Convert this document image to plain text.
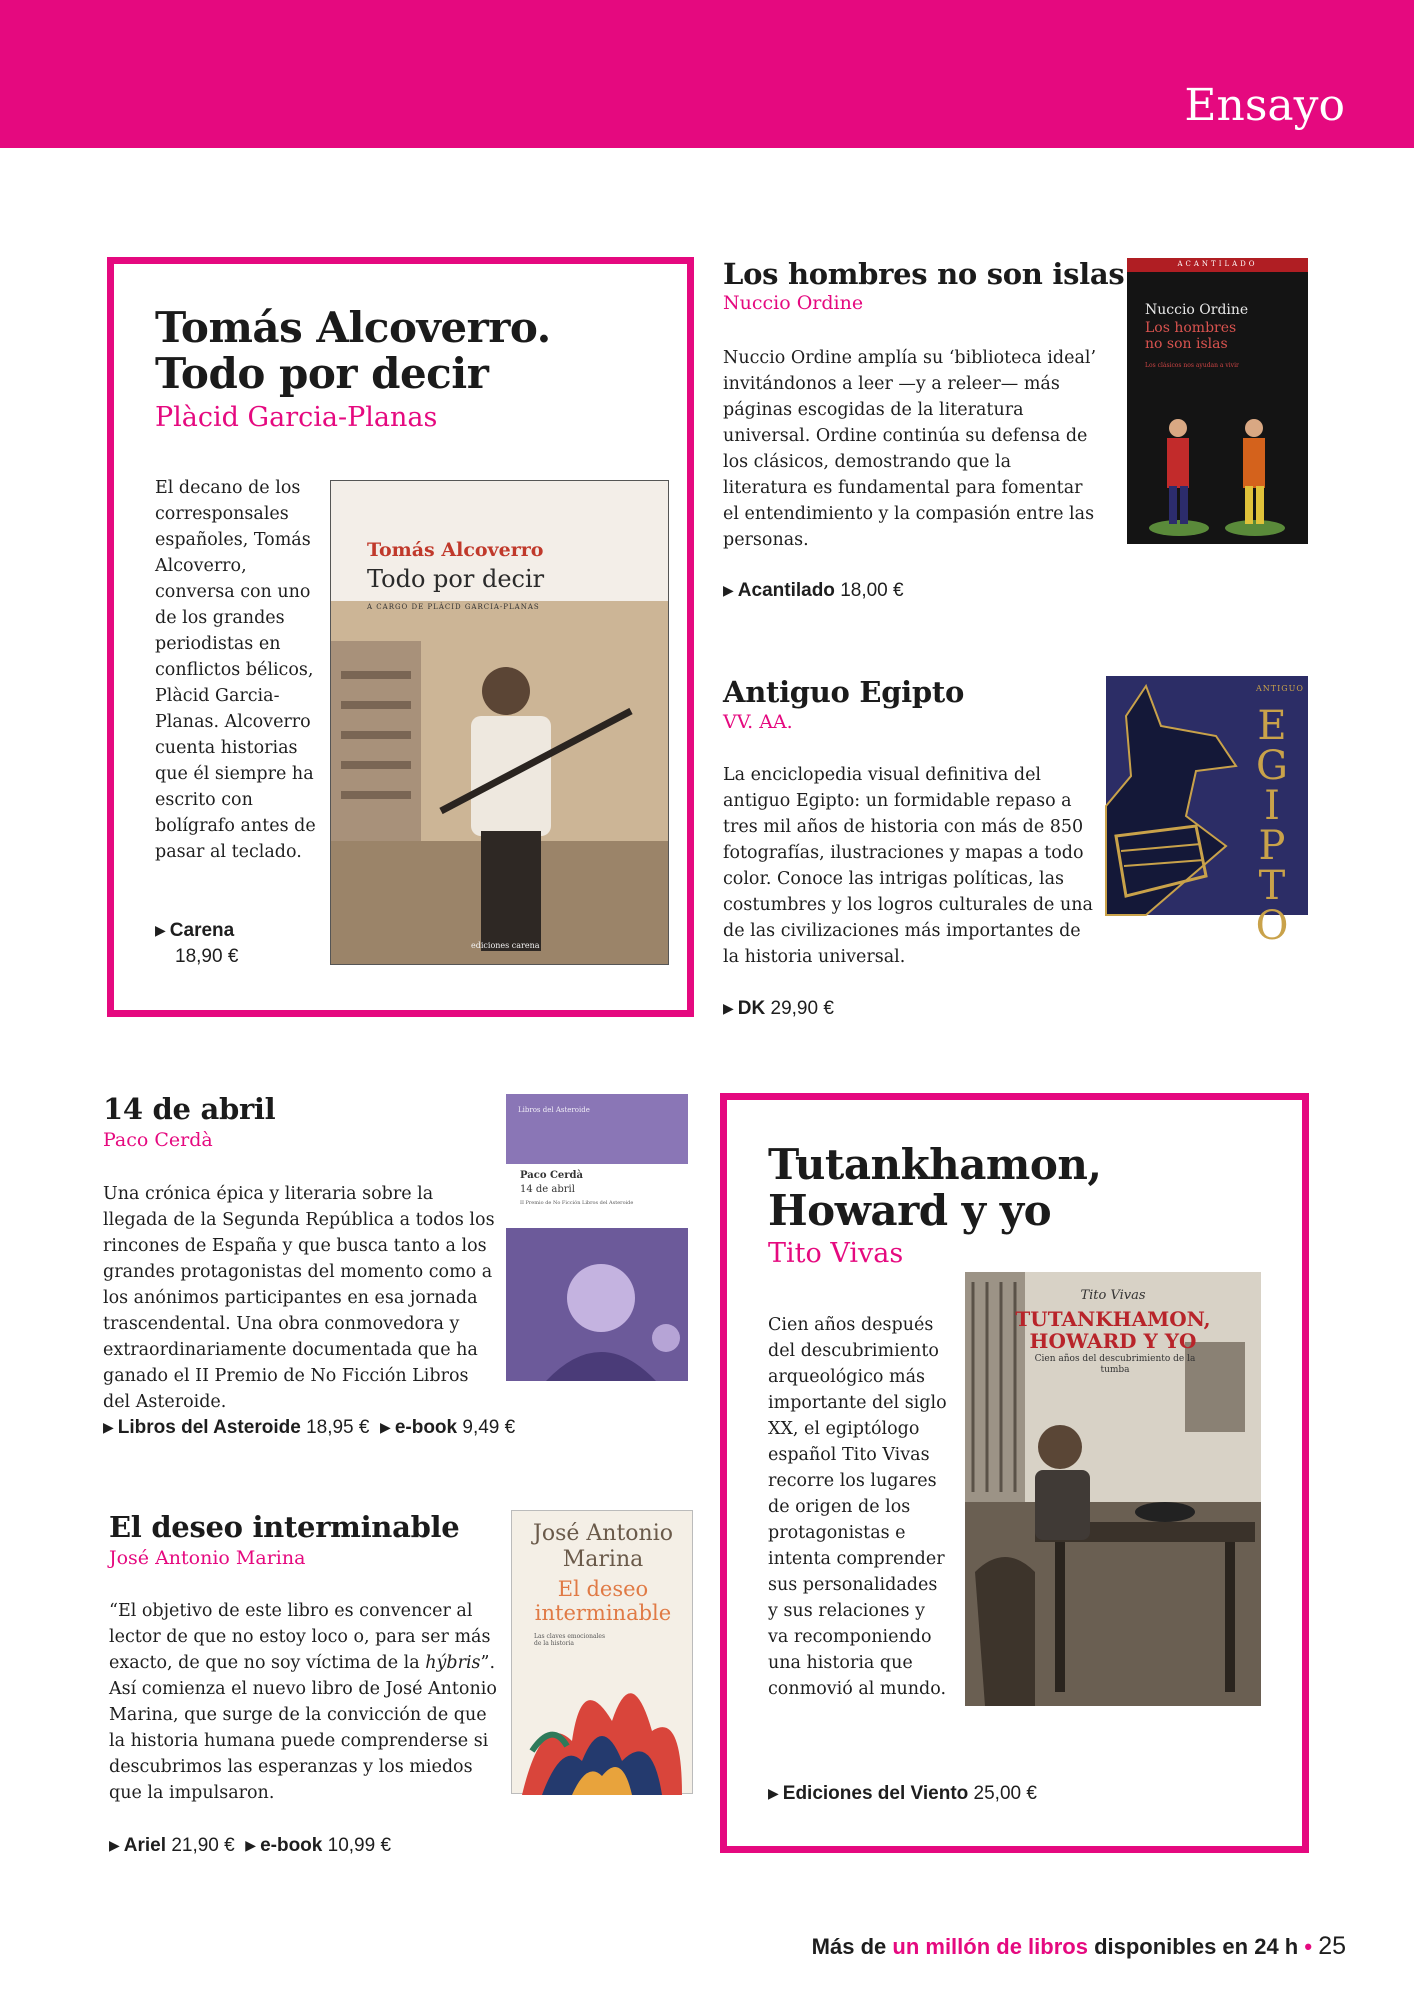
Ensayo
Tomás Alcoverro.
Todo por decir
Plàcid Garcia-Planas
El decano de los corresponsales españoles, Tomás Alcoverro, conversa con uno de los grandes periodistas en conflictos bélicos, Plàcid Garcia-Planas. Alcoverro cuenta historias que él siempre ha escrito con bolígrafo antes de pasar al teclado.
▶ Carena
18,90 €
Tomás Alcoverro
Todo por decir
A CARGO DE PLÀCID GARCIA-PLANAS
ediciones carena
Los hombres no son islas
Nuccio Ordine
Nuccio Ordine amplía su ‘biblioteca ideal’ invitándonos a leer —y a releer— más páginas escogidas de la literatura universal. Ordine continúa su defensa de los clásicos, demostrando que la literatura es fundamental para fomentar el entendimiento y la compasión entre las personas.
▶ Acantilado 18,00 €
ACANTILADO
Nuccio Ordine
Los hombres
no son islas
Los clásicos nos ayudan a vivir
Antiguo Egipto
VV. AA.
La enciclopedia visual definitiva del antiguo Egipto: un formidable repaso a tres mil años de historia con más de 850 fotografías, ilustraciones y mapas a todo color. Conoce las intrigas políticas, las costumbres y los logros culturales de una de las civilizaciones más importantes de la historia universal.
▶ DK 29,90 €
ANTIGUO
EGIPTO
14 de abril
Paco Cerdà
Una crónica épica y literaria sobre la llegada de la Segunda República a todos los rincones de España y que busca tanto a los grandes protagonistas del momento como a los anónimos participantes en esa jornada trascendental. Una obra conmovedora y extraordinariamente documentada que ha ganado el II Premio de No Ficción Libros del Asteroide.
▶ Libros del Asteroide 18,95 € ▶ e-book 9,49 €
Libros del Asteroide
Paco Cerdà
14 de abril
II Premio de No Ficción Libros del Asteroide
El deseo interminable
José Antonio Marina
“El objetivo de este libro es convencer al lector de que no estoy loco o, para ser más exacto, de que no soy víctima de la hýbris”. Así comienza el nuevo libro de José Antonio Marina, que surge de la convicción de que la historia humana puede comprenderse si descubrimos las esperanzas y los miedos que la impulsaron.
▶ Ariel 21,90 € ▶ e-book 10,99 €
José Antonio
Marina
El deseo
interminable
Las claves emocionales de la historia
Tutankhamon,
Howard y yo
Tito Vivas
Cien años después del descubrimiento arqueológico más importante del siglo XX, el egiptólogo español Tito Vivas recorre los lugares de origen de los protagonistas e intenta comprender sus personalidades y sus relaciones y va recomponiendo una historia que conmovió al mundo.
▶ Ediciones del Viento 25,00 €
Tito Vivas
TUTANKHAMON,
HOWARD Y YO
Cien años del descubrimiento de la tumba
Más de un millón de libros disponibles en 24 h • 25
